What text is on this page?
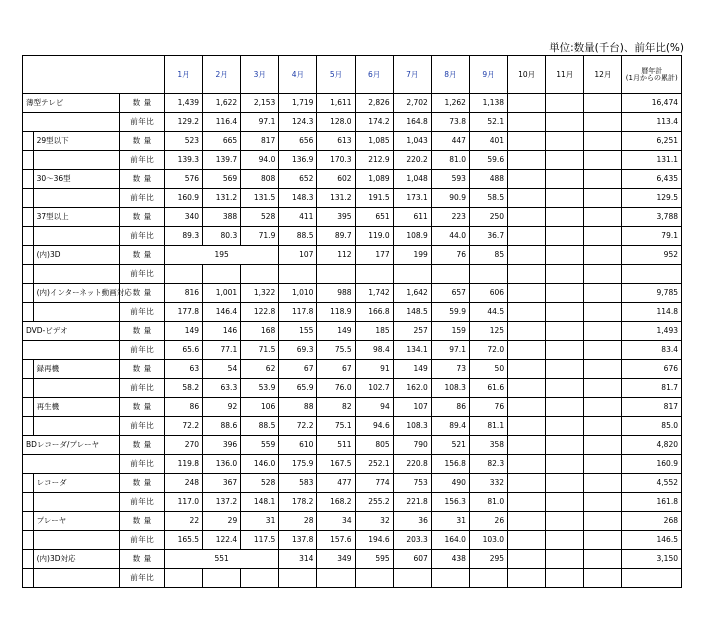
単位:数量(千台)、前年比(%)
			1月	2月	3月	4月	5月	6月	7月	8月	9月	10月	11月	12月	暦年計
(1月からの累計)
薄型テレビ		数 量	1,439	1,622	2,153	1,719	1,611	2,826	2,702	1,262	1,138				16,474
		前年比	129.2	116.4	97.1	124.3	128.0	174.2	164.8	73.8	52.1				113.4
	29型以下	数 量	523	665	817	656	613	1,085	1,043	447	401				6,251
		前年比	139.3	139.7	94.0	136.9	170.3	212.9	220.2	81.0	59.6				131.1
	30～36型	数 量	576	569	808	652	602	1,089	1,048	593	488				6,435
		前年比	160.9	131.2	131.5	148.3	131.2	191.5	173.1	90.9	58.5				129.5
	37型以上	数 量	340	388	528	411	395	651	611	223	250				3,788
		前年比	89.3	80.3	71.9	88.5	89.7	119.0	108.9	44.0	36.7				79.1
	(内)3D	数 量	195			107	112	177	199	76	85				952
		前年比													
	(内)インターネット動画対応	数 量	816	1,001	1,322	1,010	988	1,742	1,642	657	606				9,785
		前年比	177.8	146.4	122.8	117.8	118.9	166.8	148.5	59.9	44.5				114.8
DVD-ビデオ		数 量	149	146	168	155	149	185	257	159	125				1,493
		前年比	65.6	77.1	71.5	69.3	75.5	98.4	134.1	97.1	72.0				83.4
	録再機	数 量	63	54	62	67	67	91	149	73	50				676
		前年比	58.2	63.3	53.9	65.9	76.0	102.7	162.0	108.3	61.6				81.7
	再生機	数 量	86	92	106	88	82	94	107	86	76				817
		前年比	72.2	88.6	88.5	72.2	75.1	94.6	108.3	89.4	81.1				85.0
BDレコーダ/プレーヤ		数 量	270	396	559	610	511	805	790	521	358				4,820
		前年比	119.8	136.0	146.0	175.9	167.5	252.1	220.8	156.8	82.3				160.9
	レコーダ	数 量	248	367	528	583	477	774	753	490	332				4,552
		前年比	117.0	137.2	148.1	178.2	168.2	255.2	221.8	156.3	81.0				161.8
	プレーヤ	数 量	22	29	31	28	34	32	36	31	26				268
		前年比	165.5	122.4	117.5	137.8	157.6	194.6	203.3	164.0	103.0				146.5
	(内)3D対応	数 量	551			314	349	595	607	438	295				3,150
		前年比													
